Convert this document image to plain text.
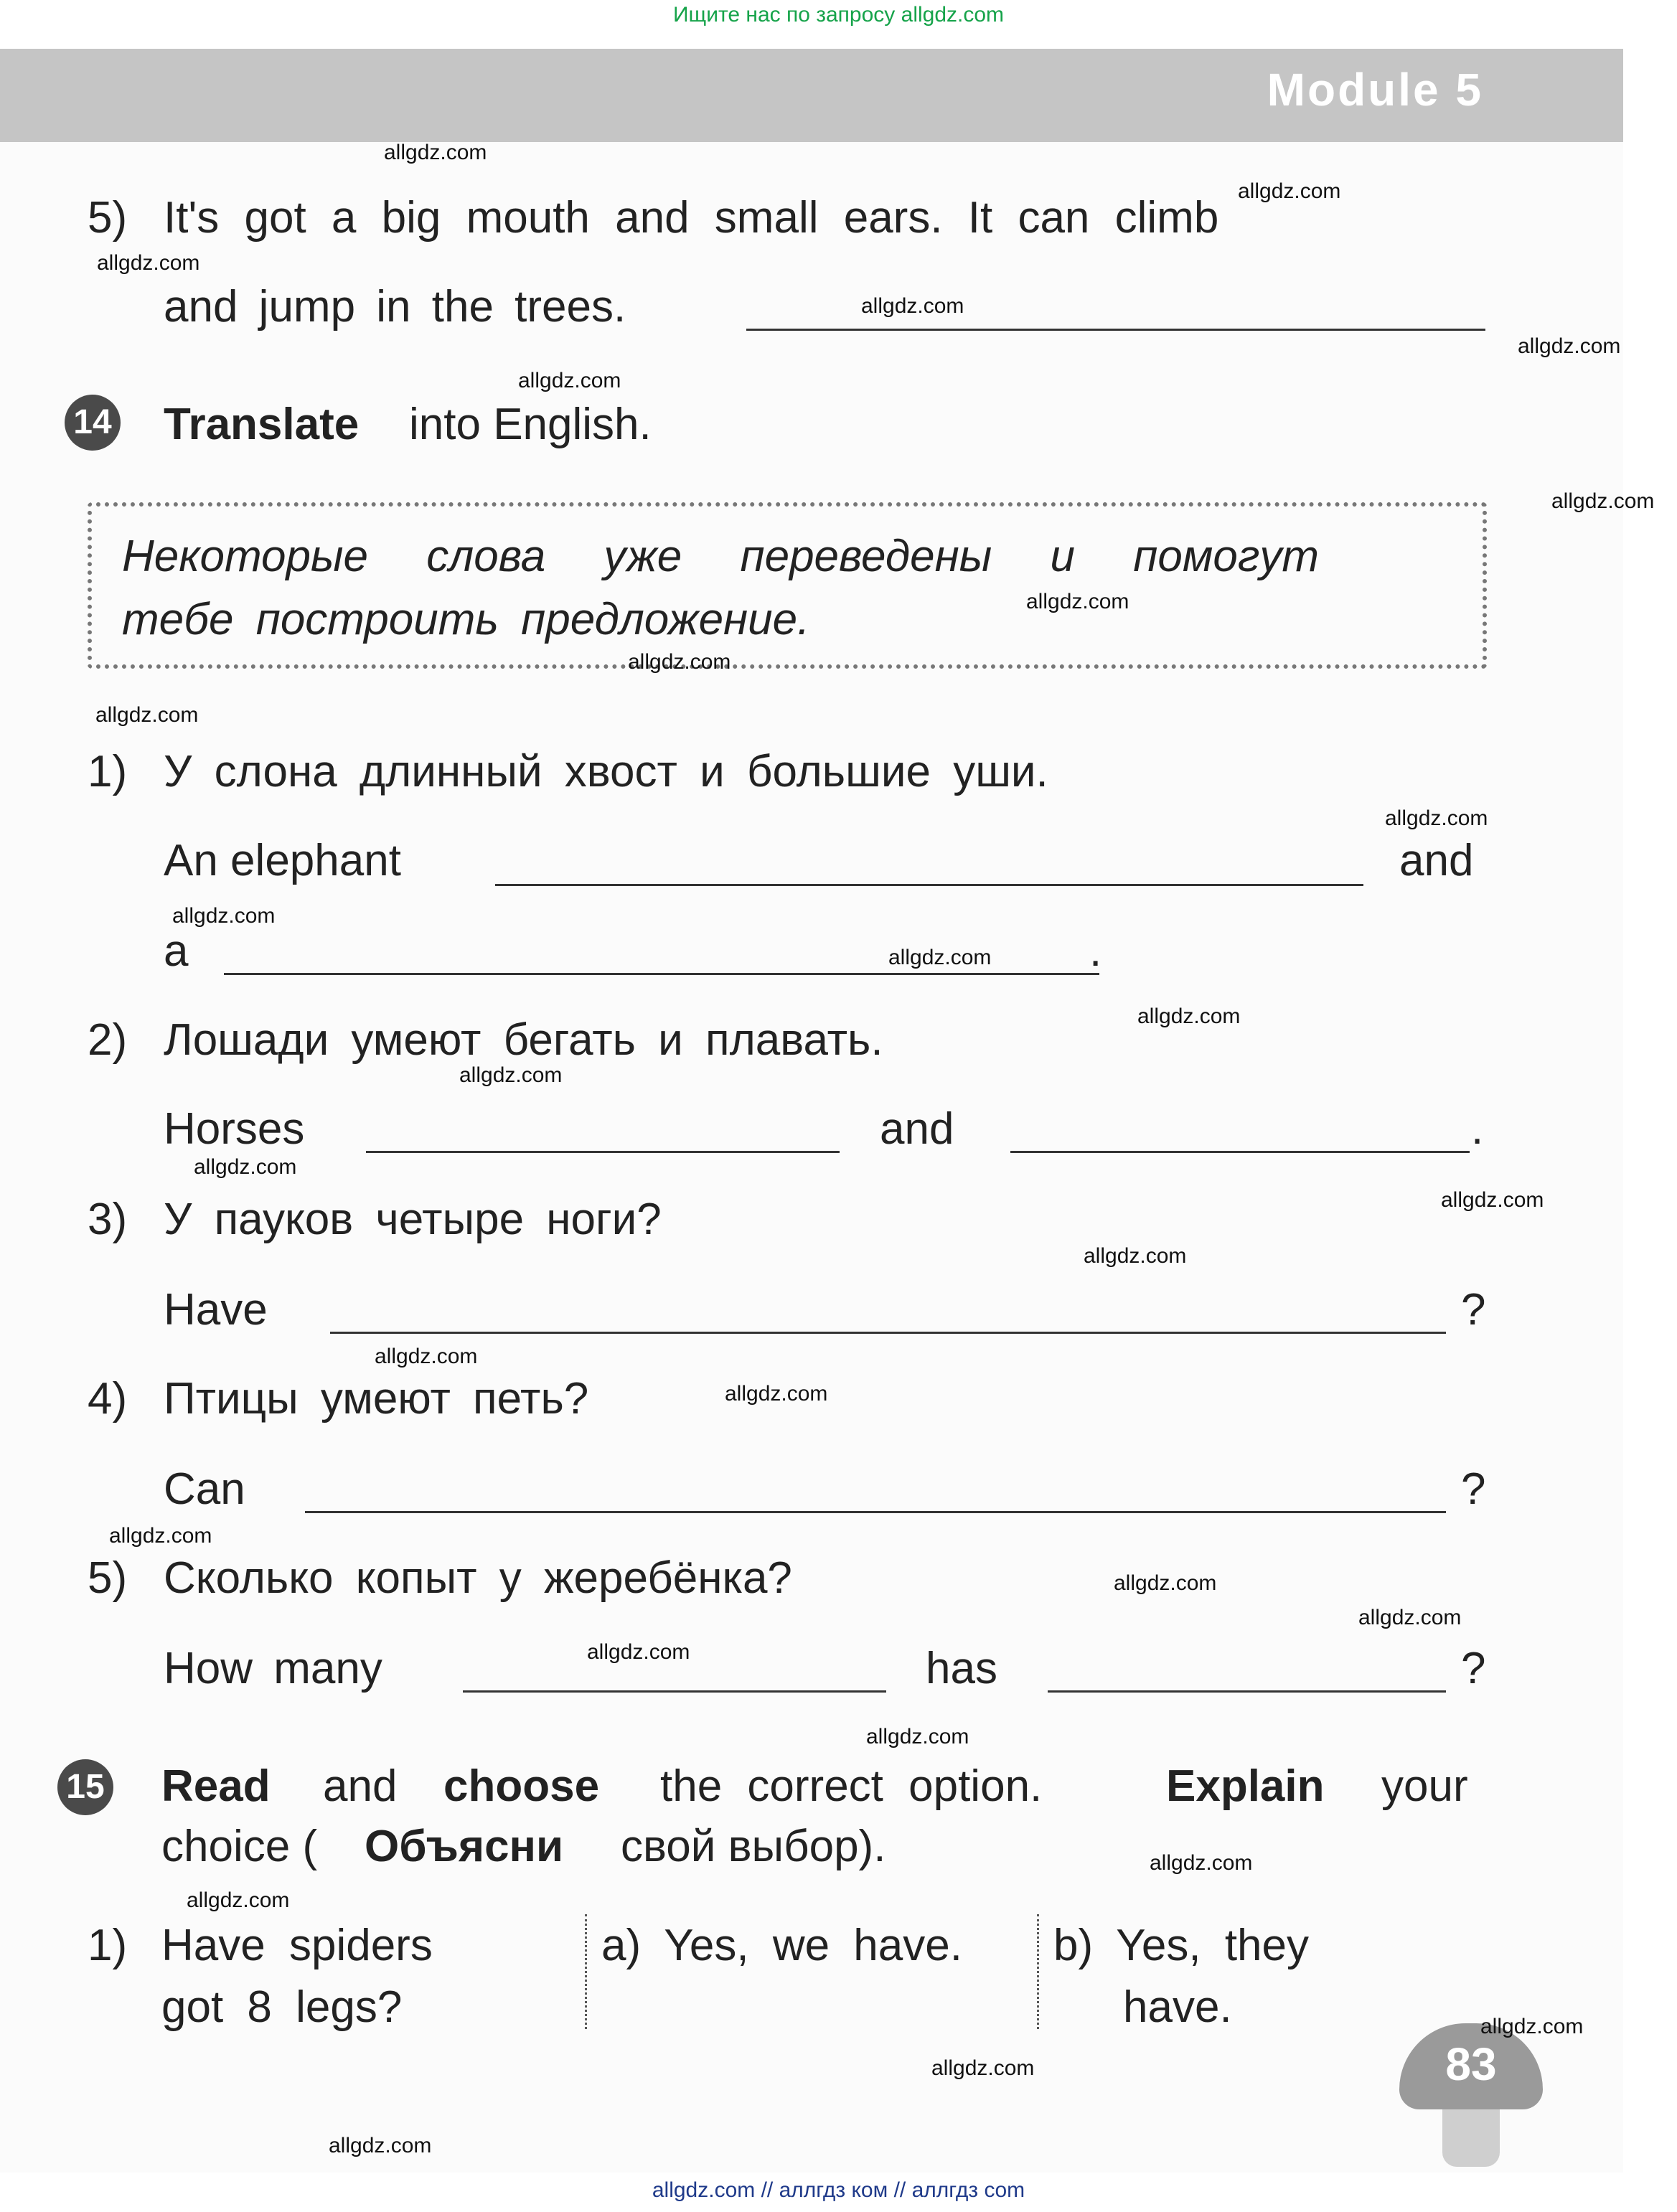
Ищите нас по запросу allgdz.com
Module 5
5) It's got a big mouth and small ears. It can climb
and jump in the trees.
14 Translate into English.
Некоторые слова уже переведены и помогут
тебе построить предложение.
1) У слона длинный хвост и большие уши.
An elephant	and
a	.
2) Лошади умеют бегать и плавать.
Horses	and	.
3) У пауков четыре ноги?
Have	?
4) Птицы умеют петь?
Can	?
5) Сколько копыт у жеребёнка?
How many	has	?
15 Read and choose the correct option.	Explain your
choice ( Объясни свой выбор).
1) Have spiders
got 8 legs?
a) Yes, we have. b) Yes, they
have.
83
allgdz.com
allgdz.com
allgdz.com
allgdz.com
allgdz.com
allgdz.com
allgdz.com
allgdz.com
allgdz.com
allgdz.com
allgdz.com
allgdz.com
allgdz.com
allgdz.com
allgdz.com
allgdz.com
allgdz.com
allgdz.com
allgdz.com
allgdz.com
allgdz.com
allgdz.com
allgdz.com
allgdz.com
allgdz.com
allgdz.com
allgdz.com
allgdz.com
allgdz.com
allgdz.com
allgdz.com // аллгдз ком // аллгдз com
